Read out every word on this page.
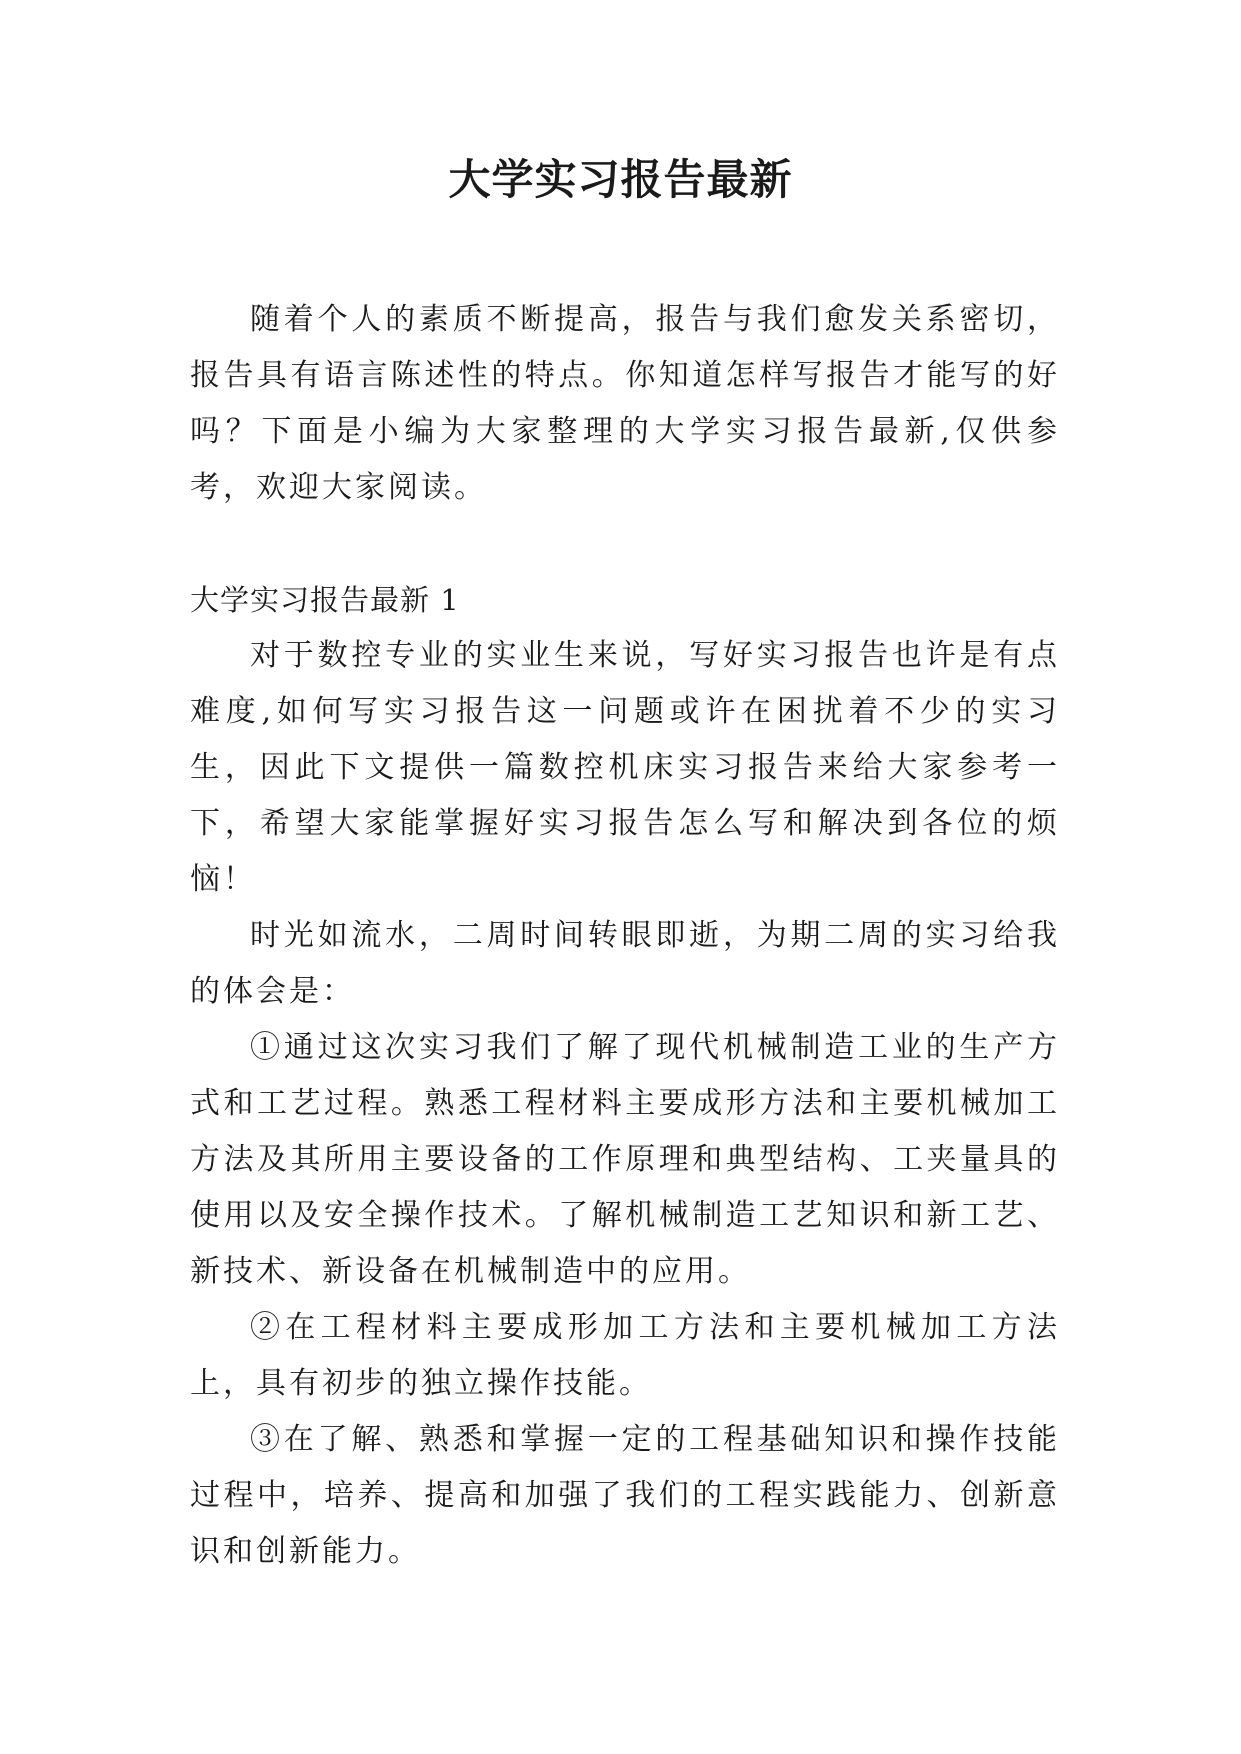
大学实习报告最新

随着个人的素质不断提高，报告与我们愈发关系密切，报告具有语言陈述性的特点。你知道怎样写报告才能写的好吗？下面是小编为大家整理的大学实习报告最新,仅供参考，欢迎大家阅读。

大学实习报告最新 1

对于数控专业的实业生来说，写好实习报告也许是有点难度,如何写实习报告这一问题或许在困扰着不少的实习生，因此下文提供一篇数控机床实习报告来给大家参考一下，希望大家能掌握好实习报告怎么写和解决到各位的烦恼！

时光如流水，二周时间转眼即逝，为期二周的实习给我的体会是：

①通过这次实习我们了解了现代机械制造工业的生产方式和工艺过程。熟悉工程材料主要成形方法和主要机械加工方法及其所用主要设备的工作原理和典型结构、工夹量具的使用以及安全操作技术。了解机械制造工艺知识和新工艺、新技术、新设备在机械制造中的应用。

②在工程材料主要成形加工方法和主要机械加工方法上，具有初步的独立操作技能。

③在了解、熟悉和掌握一定的工程基础知识和操作技能过程中，培养、提高和加强了我们的工程实践能力、创新意识和创新能力。
